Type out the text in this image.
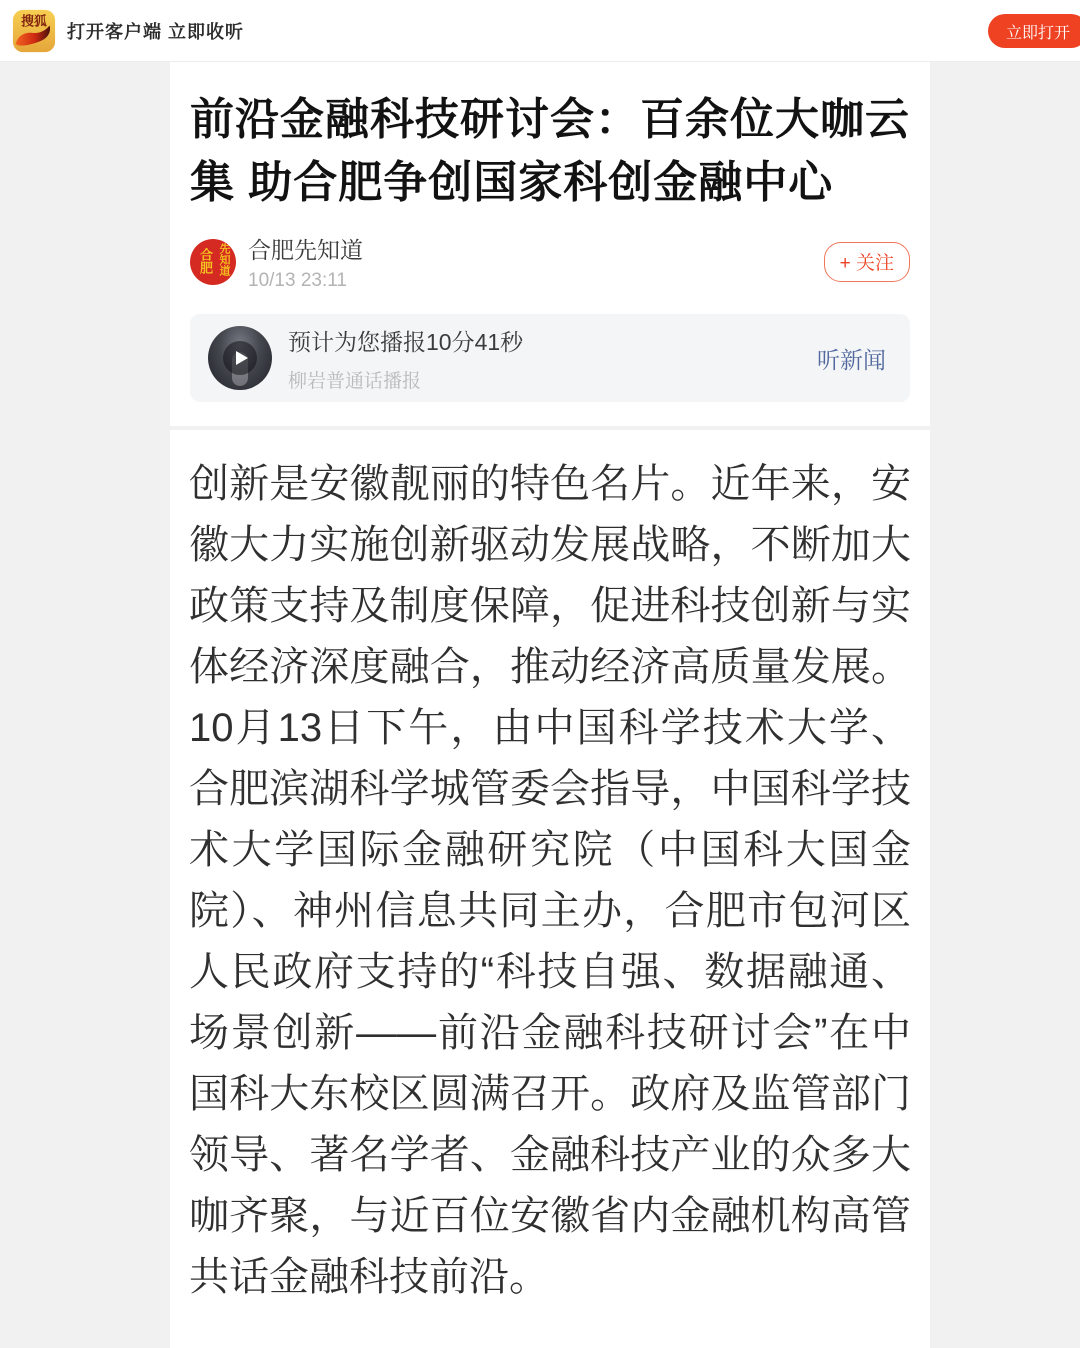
搜狐
打开客户端 立即收听	立即打开
前沿金融科技研讨会：百余位大咖云集 助合肥争创国家科创金融中心
合肥 先知道 合肥先知道
10/13 23:11
+ 关注
预计为您播报10分41秒
柳岩普通话播报
听新闻

创新是安徽靓丽的特色名片。近年来，安徽大力实施创新驱动发展战略，不断加大政策支持及制度保障，促进科技创新与实体经济深度融合，推动经济高质量发展。10月13日下午，由中国科学技术大学、合肥滨湖科学城管委会指导，中国科学技术大学国际金融研究院（中国科大国金院）、神州信息共同主办，合肥市包河区人民政府支持的“科技自强、数据融通、场景创新——前沿金融科技研讨会”在中国科大东校区圆满召开。政府及监管部门领导、著名学者、金融科技产业的众多大咖齐聚，与近百位安徽省内金融机构高管共话金融科技前沿。
